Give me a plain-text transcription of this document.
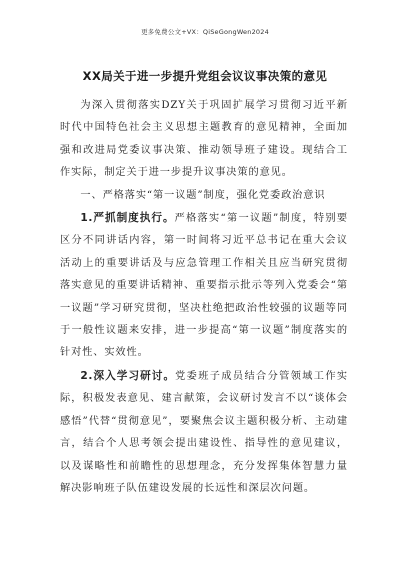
更多免费公文+VX：QiSeGongWen2024
XX局关于进一步提升党组会议议事决策的意见

为深入贯彻落实DZY关于巩固扩展学习贯彻习近平新时代中国特色社会主义思想主题教育的意见精神，全面加强和改进局党委议事决策、推动领导班子建设。现结合工作实际，制定关于进一步提升议事决策的意见。

一、严格落实“第一议题”制度，强化党委政治意识

1.严抓制度执行。严格落实“第一议题”制度，特别要区分不同讲话内容，第一时间将习近平总书记在重大会议活动上的重要讲话及与应急管理工作相关且应当研究贯彻落实意见的重要讲话精神、重要指示批示等列入党委会“第一议题”学习研究贯彻，坚决杜绝把政治性较强的议题等同于一般性议题来安排，进一步提高“第一议题”制度落实的针对性、实效性。

2.深入学习研讨。党委班子成员结合分管领域工作实际，积极发表意见、建言献策，会议研讨发言不以“谈体会感悟”代替“贯彻意见”，要聚焦会议主题积极分析、主动建言，结合个人思考领会提出建设性、指导性的意见建议，以及谋略性和前瞻性的思想理念，充分发挥集体智慧力量解决影响班子队伍建设发展的长远性和深层次问题。
